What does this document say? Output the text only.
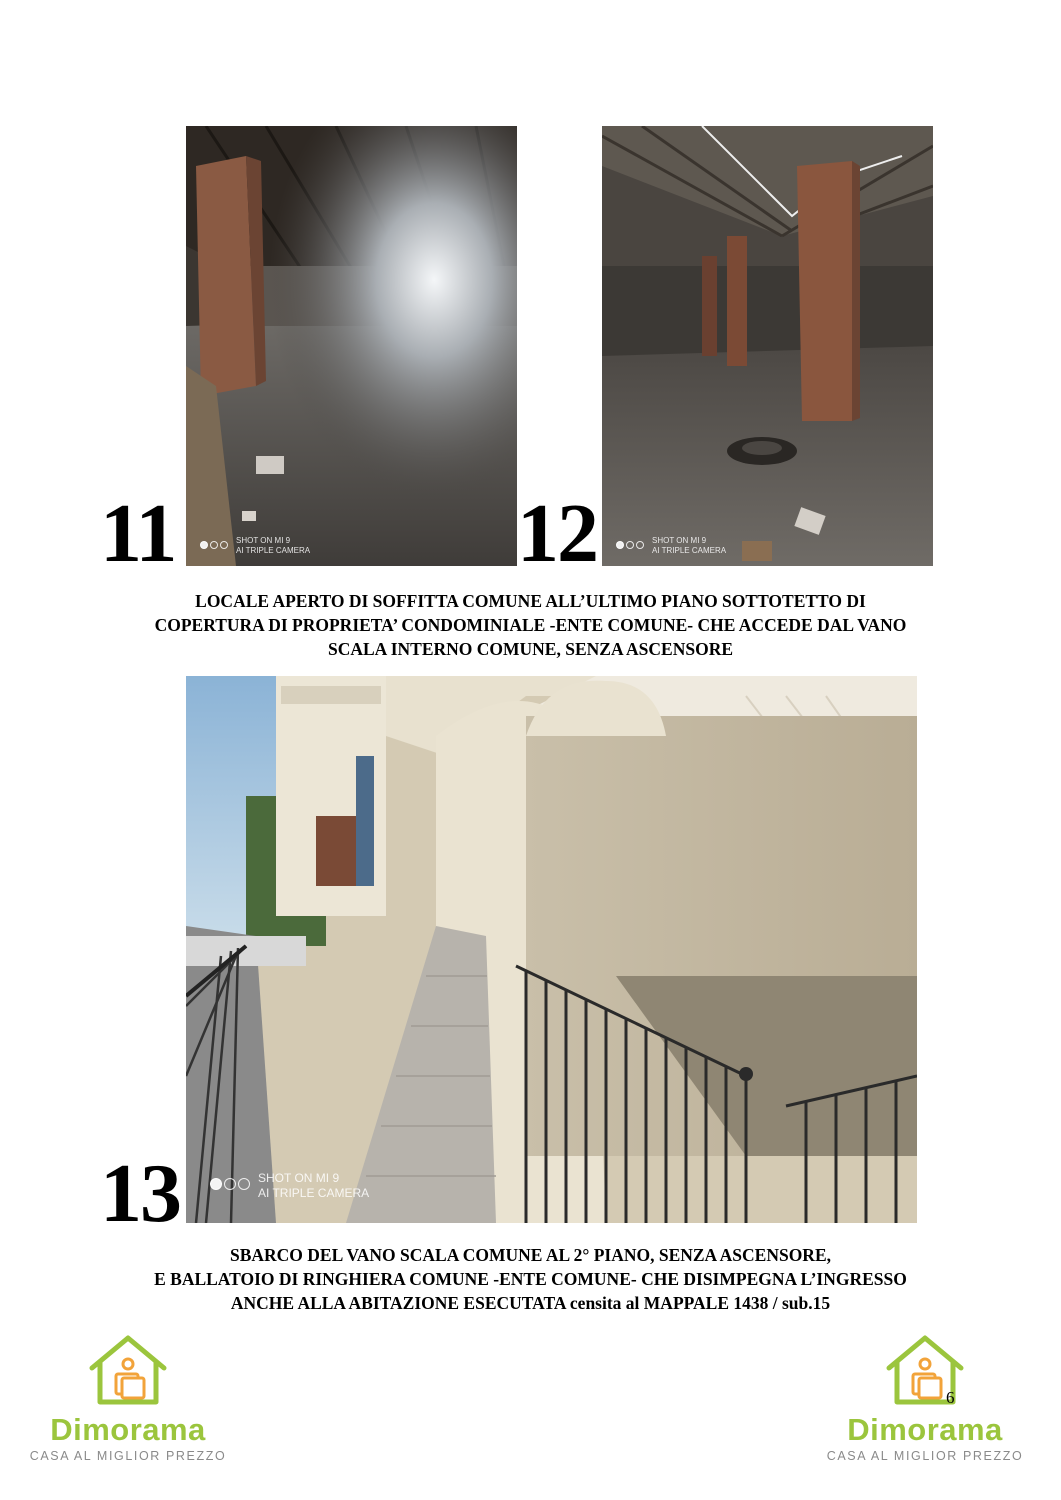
SHOT ON MI 9
AI TRIPLE CAMERA
11	SHOT ON MI 9
AI TRIPLE CAMERA
12
LOCALE APERTO DI SOFFITTA COMUNE ALL’ULTIMO PIANO SOTTOTETTO DI
COPERTURA DI PROPRIETA’ CONDOMINIALE -ENTE COMUNE- CHE ACCEDE DAL VANO
SCALA INTERNO COMUNE, SENZA ASCENSORE
SHOT ON MI 9
AI TRIPLE CAMERA
13
SBARCO DEL VANO SCALA COMUNE AL 2° PIANO, SENZA ASCENSORE,
E BALLATOIO DI RINGHIERA COMUNE -ENTE COMUNE- CHE DISIMPEGNA L’INGRESSO
ANCHE ALLA ABITAZIONE ESECUTATA censita al MAPPALE 1438 / sub.15
Dimorama
CASA AL MIGLIOR PREZZO
Dimorama
CASA AL MIGLIOR PREZZO
6
